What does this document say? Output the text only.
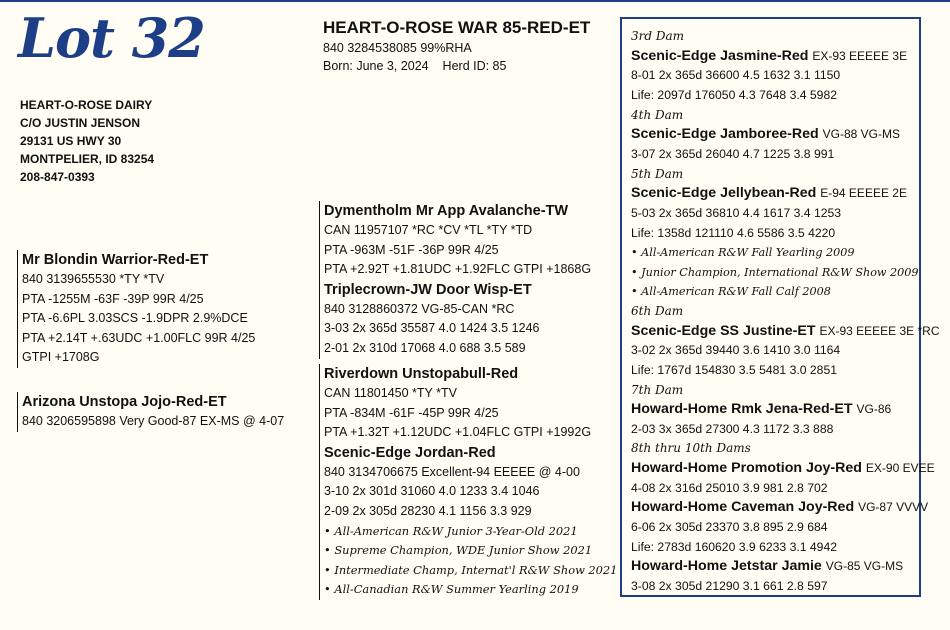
Lot 32
HEART-O-ROSE DAIRY
C/O JUSTIN JENSON
29131 US HWY 30
MONTPELIER, ID 83254
208-847-0393
HEART-O-ROSE WAR 85-RED-ET
840 3284538085 99%RHA
Born: June 3, 2024 Herd ID: 85
Mr Blondin Warrior-Red-ET
840 3139655530 *TY *TV
PTA -1255M -63F -39P 99R 4/25
PTA -6.6PL 3.03SCS -1.9DPR 2.9%DCE
PTA +2.14T +.63UDC +1.00FLC 99R 4/25
GTPI +1708G
Arizona Unstopa Jojo-Red-ET
840 3206595898 Very Good-87 EX-MS @ 4-07
Dymentholm Mr App Avalanche-TW
CAN 11957107 *RC *CV *TL *TY *TD
PTA -963M -51F -36P 99R 4/25
PTA +2.92T +1.81UDC +1.92FLC GTPI +1868G
Triplecrown-JW Door Wisp-ET
840 3128860372 VG-85-CAN *RC
3-03 2x 365d 35587 4.0 1424 3.5 1246
2-01 2x 310d 17068 4.0 688 3.5 589
Riverdown Unstopabull-Red
CAN 11801450 *TY *TV
PTA -834M -61F -45P 99R 4/25
PTA +1.32T +1.12UDC +1.04FLC GTPI +1992G
Scenic-Edge Jordan-Red
840 3134706675 Excellent-94 EEEEE @ 4-00
3-10 2x 301d 31060 4.0 1233 3.4 1046
2-09 2x 305d 28230 4.1 1156 3.3 929
• All-American R&W Junior 3-Year-Old 2021
• Supreme Champion, WDE Junior Show 2021
• Intermediate Champ, Internat'l R&W Show 2021
• All-Canadian R&W Summer Yearling 2019
3rd Dam
Scenic-Edge Jasmine-Red EX-93 EEEEE 3E
8-01 2x 365d 36600 4.5 1632 3.1 1150
Life: 2097d 176050 4.3 7648 3.4 5982
4th Dam
Scenic-Edge Jamboree-Red VG-88 VG-MS
3-07 2x 365d 26040 4.7 1225 3.8 991
5th Dam
Scenic-Edge Jellybean-Red E-94 EEEEE 2E
5-03 2x 365d 36810 4.4 1617 3.4 1253
Life: 1358d 121110 4.6 5586 3.5 4220
• All-American R&W Fall Yearling 2009
• Junior Champion, International R&W Show 2009
• All-American R&W Fall Calf 2008
6th Dam
Scenic-Edge SS Justine-ET EX-93 EEEEE 3E *RC
3-02 2x 365d 39440 3.6 1410 3.0 1164
Life: 1767d 154830 3.5 5481 3.0 2851
7th Dam
Howard-Home Rmk Jena-Red-ET VG-86
2-03 3x 365d 27300 4.3 1172 3.3 888
8th thru 10th Dams
Howard-Home Promotion Joy-Red EX-90 EVEE
4-08 2x 316d 25010 3.9 981 2.8 702
Howard-Home Caveman Joy-Red VG-87 VVVV
6-06 2x 305d 23370 3.8 895 2.9 684
Life: 2783d 160620 3.9 6233 3.1 4942
Howard-Home Jetstar Jamie VG-85 VG-MS
3-08 2x 305d 21290 3.1 661 2.8 597
